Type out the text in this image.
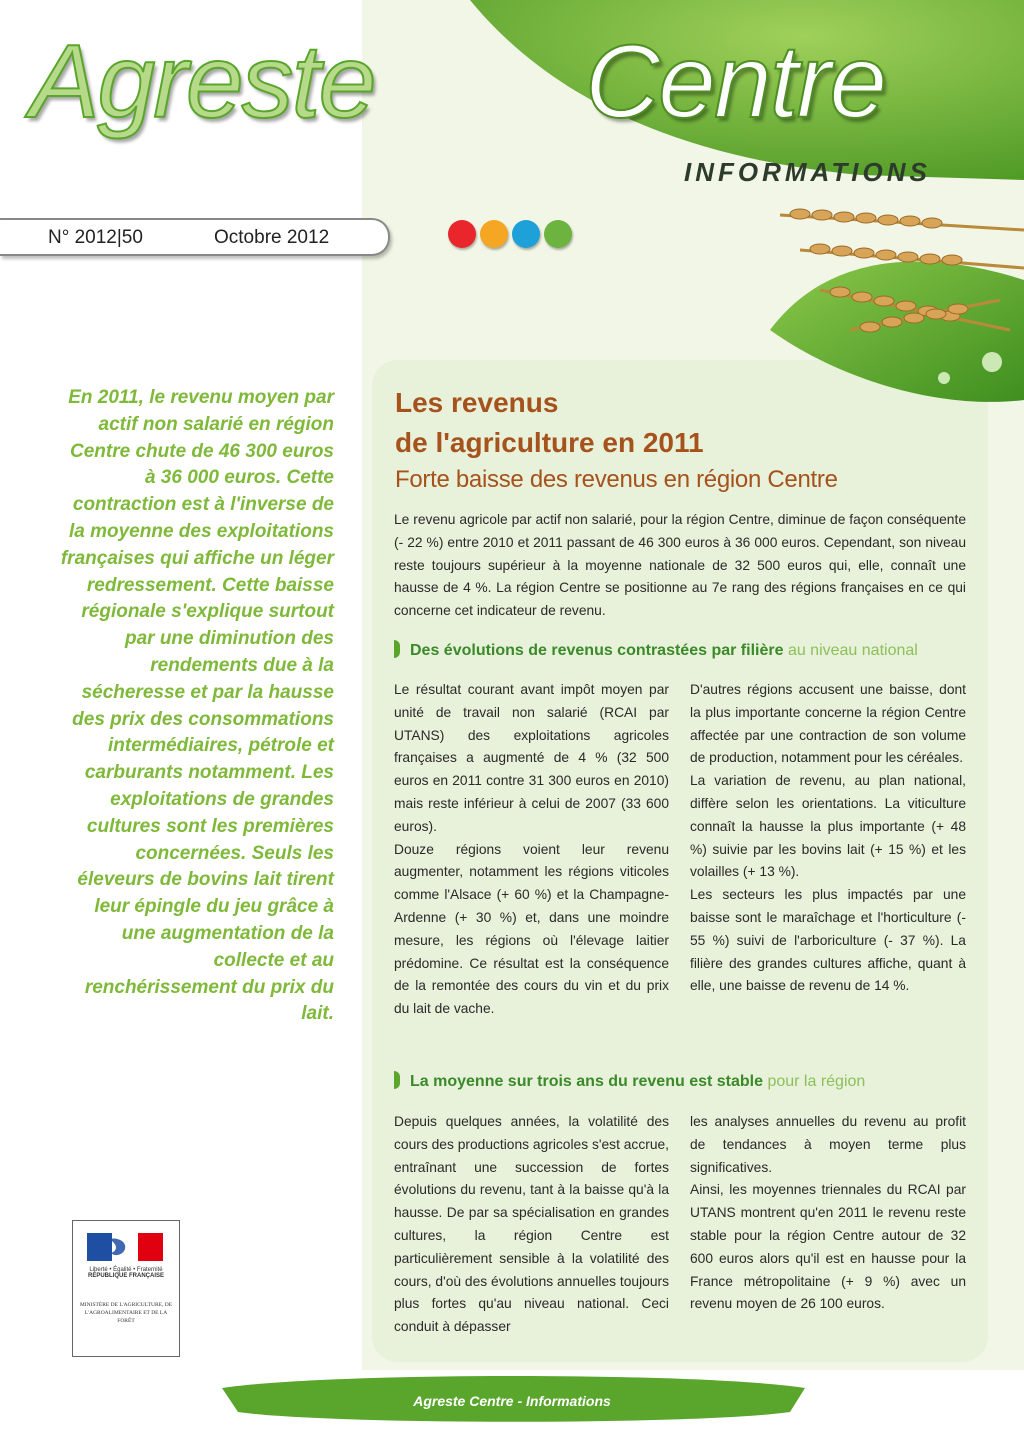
Agreste Centre
INFORMATIONS
N° 2012|50	Octobre 2012
En 2011, le revenu moyen par actif non salarié en région Centre chute de 46 300 euros à 36 000 euros. Cette contraction est à l'inverse de la moyenne des exploitations françaises qui affiche un léger redressement. Cette baisse régionale s'explique surtout par une diminution des rendements due à la sécheresse et par la hausse des prix des consommations intermédiaires, pétrole et carburants notamment. Les exploitations de grandes cultures sont les premières concernées. Seuls les éleveurs de bovins lait tirent leur épingle du jeu grâce à une augmentation de la collecte et au renchérissement du prix du lait.
Les revenus
de l'agriculture en 2011
Forte baisse des revenus en région Centre

Le revenu agricole par actif non salarié, pour la région Centre, diminue de façon conséquente (- 22 %) entre 2010 et 2011 passant de 46 300 euros à 36 000 euros. Cependant, son niveau reste toujours supérieur à la moyenne nationale de 32 500 euros qui, elle, connaît une hausse de 4 %. La région Centre se positionne au 7e rang des régions françaises en ce qui concerne cet indicateur de revenu.

Des évolutions de revenus contrastées par filière au niveau national
Le résultat courant avant impôt moyen par unité de travail non salarié (RCAI par UTANS) des exploitations agricoles françaises a augmenté de 4 % (32 500 euros en 2011 contre 31 300 euros en 2010) mais reste inférieur à celui de 2007 (33 600 euros).
Douze régions voient leur revenu augmenter, notamment les régions viticoles comme l'Alsace (+ 60 %) et la Champagne-Ardenne (+ 30 %) et, dans une moindre mesure, les régions où l'élevage laitier prédomine. Ce résultat est la conséquence de la remontée des cours du vin et du prix du lait de vache.
D'autres régions accusent une baisse, dont la plus importante concerne la région Centre affectée par une contraction de son volume de production, notamment pour les céréales.
La variation de revenu, au plan national, diffère selon les orientations. La viticulture connaît la hausse la plus importante (+ 48 %) suivie par les bovins lait (+ 15 %) et les volailles (+ 13 %).
Les secteurs les plus impactés par une baisse sont le maraîchage et l'horticulture (- 55 %) suivi de l'arboriculture (- 37 %). La filière des grandes cultures affiche, quant à elle, une baisse de revenu de 14 %.
La moyenne sur trois ans du revenu est stable pour la région
Depuis quelques années, la volatilité des cours des productions agricoles s'est accrue, entraînant une succession de fortes évolutions du revenu, tant à la baisse qu'à la hausse. De par sa spécialisation en grandes cultures, la région Centre est particulièrement sensible à la volatilité des cours, d'où des évolutions annuelles toujours plus fortes qu'au niveau national. Ceci conduit à dépasser
les analyses annuelles du revenu au profit de tendances à moyen terme plus significatives.
Ainsi, les moyennes triennales du RCAI par UTANS montrent qu'en 2011 le revenu reste stable pour la région Centre autour de 32 600 euros alors qu'il est en hausse pour la France métropolitaine (+ 9 %) avec un revenu moyen de 26 100 euros.
Liberté • Égalité • Fraternité
RÉPUBLIQUE FRANÇAISE
MINISTÈRE DE L'AGRICULTURE, DE L'AGROALIMENTAIRE ET DE LA FORÊT
Agreste Centre - Informations
